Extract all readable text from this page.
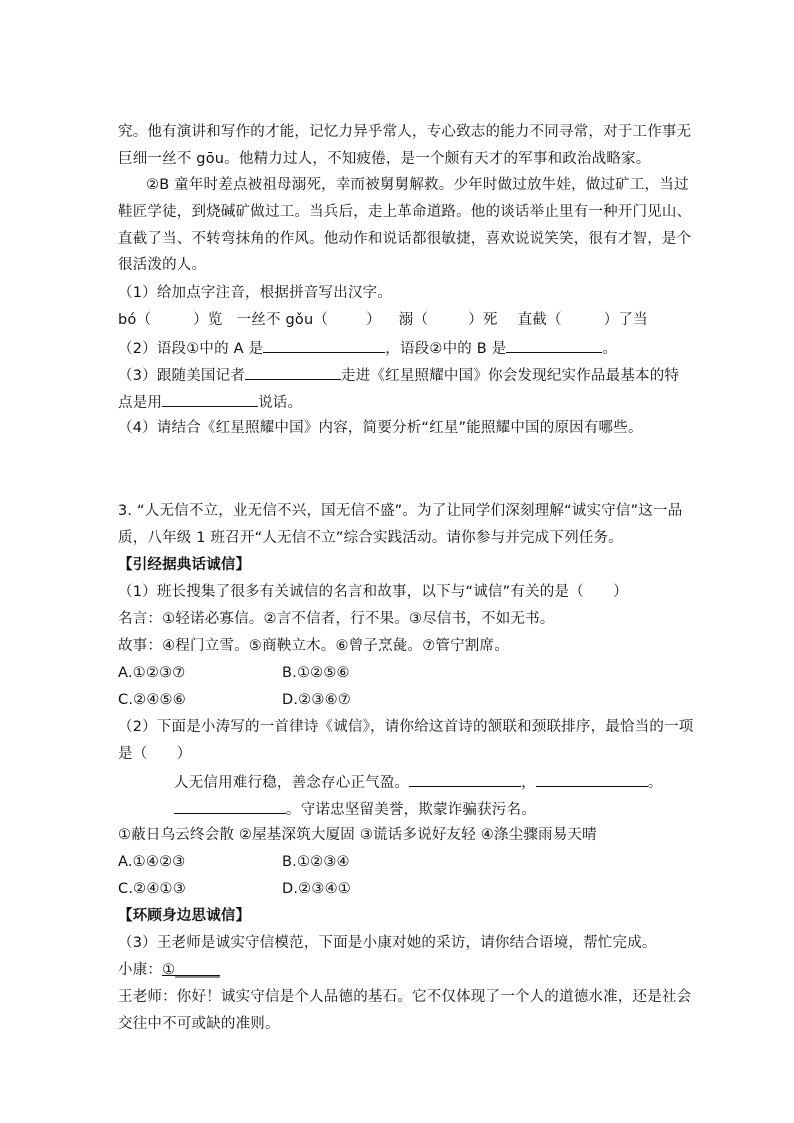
究。他有演讲和写作的才能，记忆力异乎常人，专心致志的能力不同寻常，对于工作事无
巨细一丝不 gōu。他精力过人，不知疲倦，是一个颇有天才的军事和政治战略家。
②B 童年时差点被祖母溺死，幸而被舅舅解救。少年时做过放牛娃，做过矿工，当过
鞋匠学徒，到烧碱矿做过工。当兵后，走上革命道路。他的谈话举止里有一种开门见山、
直截了当、不转弯抹角的作风。他动作和说话都很敏捷，喜欢说说笑笑，很有才智，是个
很活泼的人。
（1）给加点字注音，根据拼音写出汉字。
bó（	）览 一丝不 gǒu（	） 溺（	）死 直截（	）了当
（2）语段①中的 A 是	，语段②中的 B 是	。
（3）跟随美国记者	走进《红星照耀中国》你会发现纪实作品最基本的特
点是用	说话。
（4）请结合《红星照耀中国》内容，简要分析“红星”能照耀中国的原因有哪些。
3. “人无信不立，业无信不兴，国无信不盛”。为了让同学们深刻理解“诚实守信”这一品
质，八年级 1 班召开“人无信不立”综合实践活动。请你参与并完成下列任务。
【引经据典话诚信】
（1）班长搜集了很多有关诚信的名言和故事，以下与“诚信”有关的是（　　）
名言：①轻诺必寡信。②言不信者，行不果。③尽信书，不如无书。
故事：④程门立雪。⑤商鞅立木。⑥曾子烹彘。⑦管宁割席。
A.①②③⑦	B.①②⑤⑥
C.②④⑤⑥	D.②③⑥⑦
（2）下面是小涛写的一首律诗《诚信》，请你给这首诗的颔联和颈联排序，最恰当的一项
是（　　）
人无信用难行稳，善念存心正气盈。	，	。
。守诺忠坚留美誉，欺蒙诈骗获污名。
①蔽日乌云终会散 ②屋基深筑大厦固 ③谎话多说好友轻 ④涤尘骤雨易天晴
A.①④②③	B.①②③④
C.②④①③	D.②③④①
【环顾身边思诚信】
（3）王老师是诚实守信模范，下面是小康对她的采访，请你结合语境，帮忙完成。
小康：①______
王老师：你好！诚实守信是个人品德的基石。它不仅体现了一个人的道德水准，还是社会
交往中不可或缺的准则。
